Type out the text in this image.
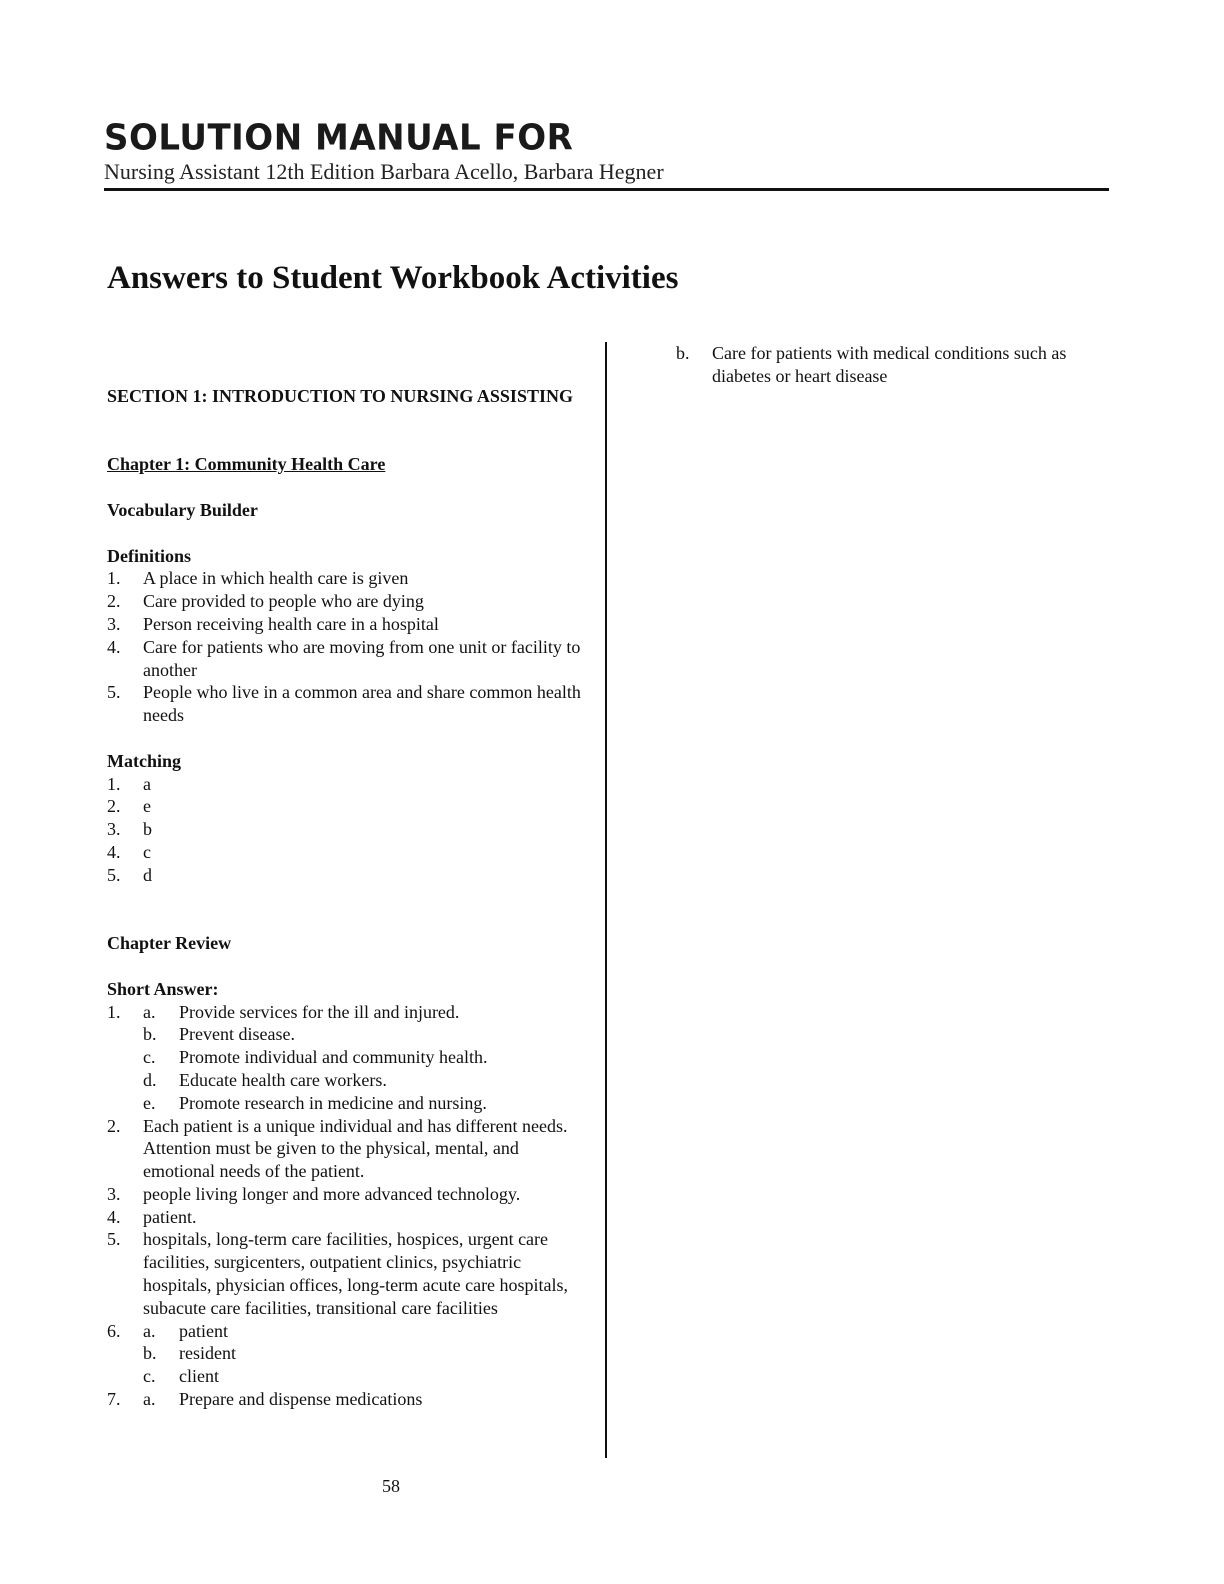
SOLUTION MANUAL FOR
Nursing Assistant 12th Edition Barbara Acello, Barbara Hegner
Answers to Student Workbook Activities
SECTION 1: INTRODUCTION TO NURSING ASSISTING
Chapter 1: Community Health Care
Vocabulary Builder
Definitions
1.	A place in which health care is given
2.	Care provided to people who are dying
3.	Person receiving health care in a hospital
4.	Care for patients who are moving from one unit or facility to another
5.	People who live in a common area and share common health needs
Matching
1.	a
2.	e
3.	b
4.	c
5.	d
Chapter Review
Short Answer:
1.	a.	Provide services for the ill and injured.
b.	Prevent disease.
c.	Promote individual and community health.
d.	Educate health care workers.
e.	Promote research in medicine and nursing.
2.	Each patient is a unique individual and has different needs. Attention must be given to the physical, mental, and emotional needs of the patient.
3.	people living longer and more advanced technology.
4.	patient.
5.	hospitals, long-term care facilities, hospices, urgent care facilities, surgicenters, outpatient clinics, psychiatric hospitals, physician offices, long-term acute care hospitals, subacute care facilities, transitional care facilities
6.	a.	patient
b.	resident
c.	client
7.	a.	Prepare and dispense medications
b.	Care for patients with medical conditions such as diabetes or heart disease
58
